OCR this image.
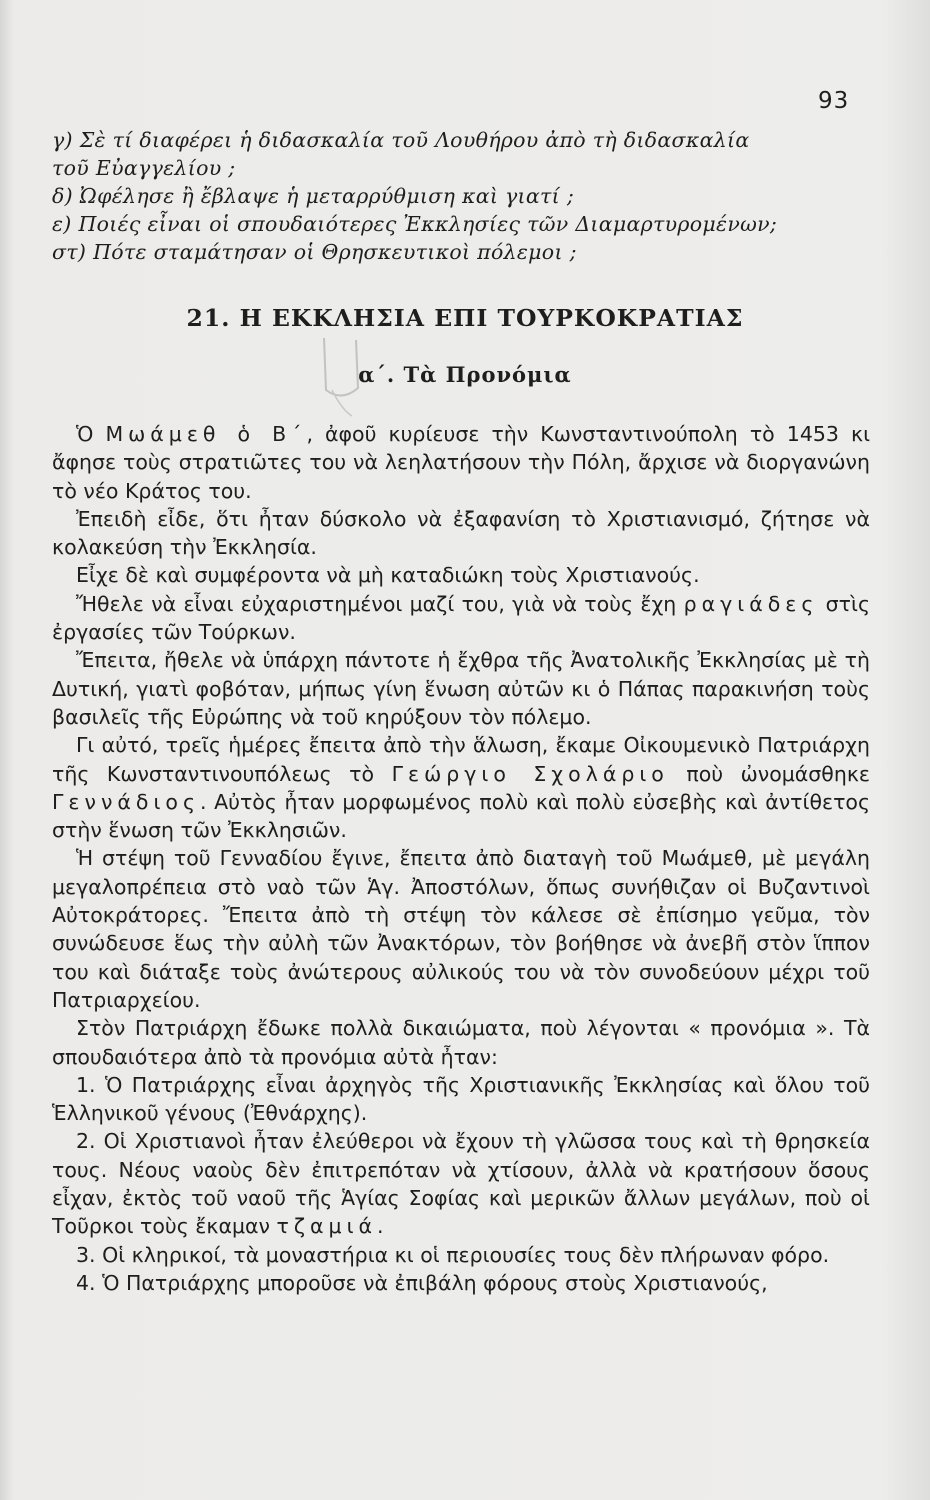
93

γ) Σὲ τί διαφέρει ἡ διδασκαλία τοῦ Λουθήρου ἀπὸ τὴ διδασκαλία

τοῦ Εὐαγγελίου ;

δ) Ὠφέλησε ἢ ἔβλαψε ἡ μεταρρύθμιση καὶ γιατί ;

ε) Ποιές εἶναι οἱ σπουδαιότερες Ἐκκλησίες τῶν Διαμαρτυρομένων;

στ) Πότε σταμάτησαν οἱ Θρησκευτικοὶ πόλεμοι ;

21. Η ΕΚΚΛΗΣΙΑ ΕΠΙ ΤΟΥΡΚΟΚΡΑΤΙΑΣ
α΄. Τὰ Προνόμια

Ὁ Μωάμεθ ὁ Β΄, ἀφοῦ κυρίευσε τὴν Κωνσταντινούπολη τὸ 1453 κι ἄφησε τοὺς στρατιῶτες του νὰ λεηλατήσουν τὴν Πόλη, ἄρχισε νὰ διοργανώνη τὸ νέο Κράτος του.

Ἐπειδὴ εἶδε, ὅτι ἦταν δύσκολο νὰ ἐξαφανίση τὸ Χριστιανισμό, ζήτησε νὰ κολακεύση τὴν Ἐκκλησία.

Εἶχε δὲ καὶ συμφέροντα νὰ μὴ καταδιώκη τοὺς Χριστιανούς.

Ἤθελε νὰ εἶναι εὐχαριστημένοι μαζί του, γιὰ νὰ τοὺς ἔχη ραγιάδες στὶς ἐργασίες τῶν Τούρκων.

Ἔπειτα, ἤθελε νὰ ὑπάρχη πάντοτε ἡ ἔχθρα τῆς Ἀνατολικῆς Ἐκκλησίας μὲ τὴ Δυτική, γιατὶ φοβόταν, μήπως γίνη ἕνωση αὐτῶν κι ὁ Πάπας παρακινήση τοὺς βασιλεῖς τῆς Εὐρώπης νὰ τοῦ κηρύξουν τὸν πόλεμο.

Γι αὐτό, τρεῖς ἡμέρες ἔπειτα ἀπὸ τὴν ἅλωση, ἔκαμε Οἰκουμενικὸ Πατριάρχη τῆς Κωνσταντινουπόλεως τὸ Γεώργιο Σχολάριο ποὺ ὠνομάσθηκε Γεννάδιος. Αὐτὸς ἦταν μορφωμένος πολὺ καὶ πολὺ εὐσεβὴς καὶ ἀντίθετος στὴν ἕνωση τῶν Ἐκκλησιῶν.

Ἡ στέψη τοῦ Γενναδίου ἔγινε, ἔπειτα ἀπὸ διαταγὴ τοῦ Μωάμεθ, μὲ μεγάλη μεγαλοπρέπεια στὸ ναὸ τῶν Ἁγ. Ἀποστόλων, ὅπως συνήθιζαν οἱ Βυζαντινοὶ Αὐτοκράτορες. Ἔπειτα ἀπὸ τὴ στέψη τὸν κάλεσε σὲ ἐπίσημο γεῦμα, τὸν συνώδευσε ἕως τὴν αὐλὴ τῶν Ἀνακτόρων, τὸν βοήθησε νὰ ἀνεβῆ στὸν ἵππον του καὶ διάταξε τοὺς ἀνώτερους αὐλικούς του νὰ τὸν συνοδεύουν μέχρι τοῦ Πατριαρχείου.

Στὸν Πατριάρχη ἔδωκε πολλὰ δικαιώματα, ποὺ λέγονται « προνόμια ». Τὰ σπουδαιότερα ἀπὸ τὰ προνόμια αὐτὰ ἦταν:

1. Ὁ Πατριάρχης εἶναι ἀρχηγὸς τῆς Χριστιανικῆς Ἐκκλησίας καὶ ὅλου τοῦ Ἑλληνικοῦ γένους (Ἐθνάρχης).

2. Οἱ Χριστιανοὶ ἦταν ἐλεύθεροι νὰ ἔχουν τὴ γλῶσσα τους καὶ τὴ θρησκεία τους. Νέους ναοὺς δὲν ἐπιτρεπόταν νὰ χτίσουν, ἀλλὰ νὰ κρατήσουν ὅσους εἶχαν, ἐκτὸς τοῦ ναοῦ τῆς Ἁγίας Σοφίας καὶ μερικῶν ἄλλων μεγάλων, ποὺ οἱ Τοῦρκοι τοὺς ἔκαμαν τζαμιά.

3. Οἱ κληρικοί, τὰ μοναστήρια κι οἱ περιουσίες τους δὲν πλήρωναν φόρο.

4. Ὁ Πατριάρχης μποροῦσε νὰ ἐπιβάλη φόρους στοὺς Χριστιανούς,
